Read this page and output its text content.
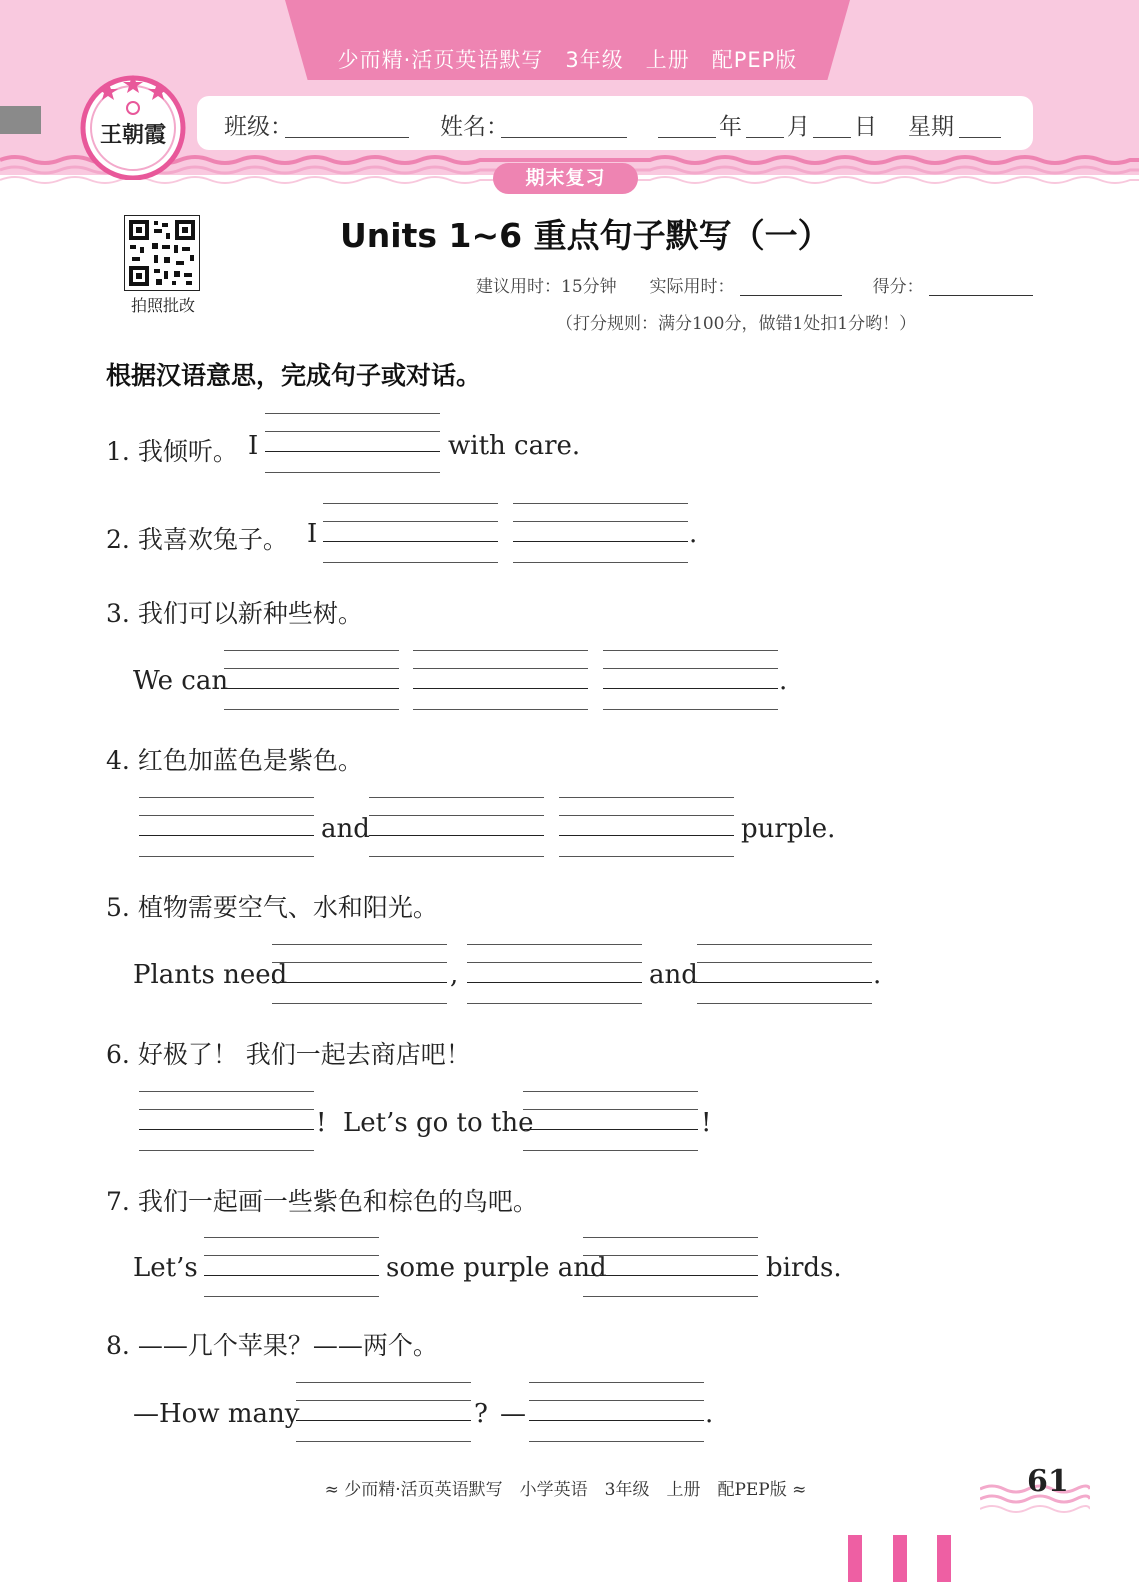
少而精·活页英语默写　3年级　上册　配PEP版
班级：	姓名：	年 月 日 星期
期末复习
王朝霞
拍照批改
Units 1~6 重点句子默写（一）
建议用时：15分钟 实际用时：	得分：
（打分规则：满分100分，做错1处扣1分哟！）
根据汉语意思，完成句子或对话。
1. 我倾听。 I	with care.
2. 我喜欢兔子。 I	.
3. 我们可以新种些树。
We can	.
4. 红色加蓝色是紫色。
and	purple.
5. 植物需要空气、水和阳光。
Plants need	,	and	.
6. 好极了！ 我们一起去商店吧！
! Let’s go to the	!
7. 我们一起画一些紫色和棕色的鸟吧。
Let’s	some purple and	birds.
8. ——几个苹果？——两个。
—How many	? —	.
≈ 少而精·活页英语默写　小学英语　3年级　上册　配PEP版 ≈	61
